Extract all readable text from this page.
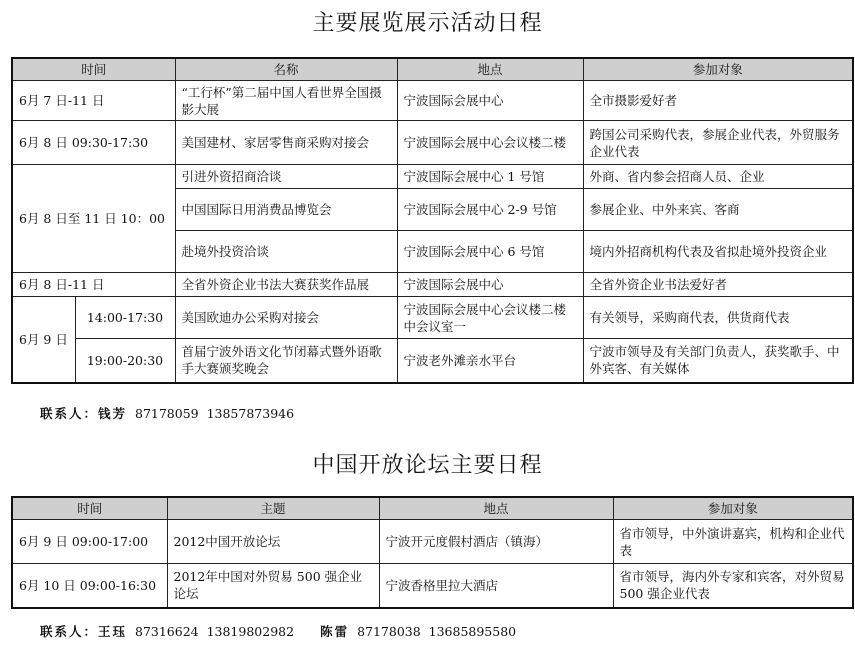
主要展览展示活动日程
时间		名称	地点	参加对象
6月 7 日-11 日		“工行杯”第二届中国人看世界全国摄影大展	宁波国际会展中心	全市摄影爱好者
6月 8 日 09:30-17:30		美国建材、家居零售商采购对接会	宁波国际会展中心会议楼二楼	跨国公司采购代表，参展企业代表，外贸服务企业代表
6月 8 日至 11 日 10：00		引进外资招商洽谈	宁波国际会展中心 1 号馆	外商、省内参会招商人员、企业
		中国国际日用消费品博览会	宁波国际会展中心 2-9 号馆	参展企业、中外来宾、客商
		赴境外投资洽谈	宁波国际会展中心 6 号馆	境内外招商机构代表及省拟赴境外投资企业
6月 8 日-11 日		全省外资企业书法大赛获奖作品展	宁波国际会展中心	全省外资企业书法爱好者
6月 9 日	14:00-17:30	美国欧迪办公采购对接会	宁波国际会展中心会议楼二楼中会议室一	有关领导，采购商代表，供货商代表
	19:00-20:30	首届宁波外语文化节闭幕式暨外语歌手大赛颁奖晚会	宁波老外滩亲水平台	宁波市领导及有关部门负责人，获奖歌手、中外宾客、有关媒体
联系人：钱芳 87178059 13857873946
中国开放论坛主要日程
时间	主题	地点	参加对象
6月 9 日 09:00-17:00	2012中国开放论坛	宁波开元度假村酒店（镇海）	省市领导，中外演讲嘉宾，机构和企业代表
6月 10 日 09:00-16:30	2012年中国对外贸易 500 强企业论坛	宁波香格里拉大酒店	省市领导，海内外专家和宾客，对外贸易 500 强企业代表
联系人：王珏 87316624 13819802982 陈雷 87178038 13685895580
